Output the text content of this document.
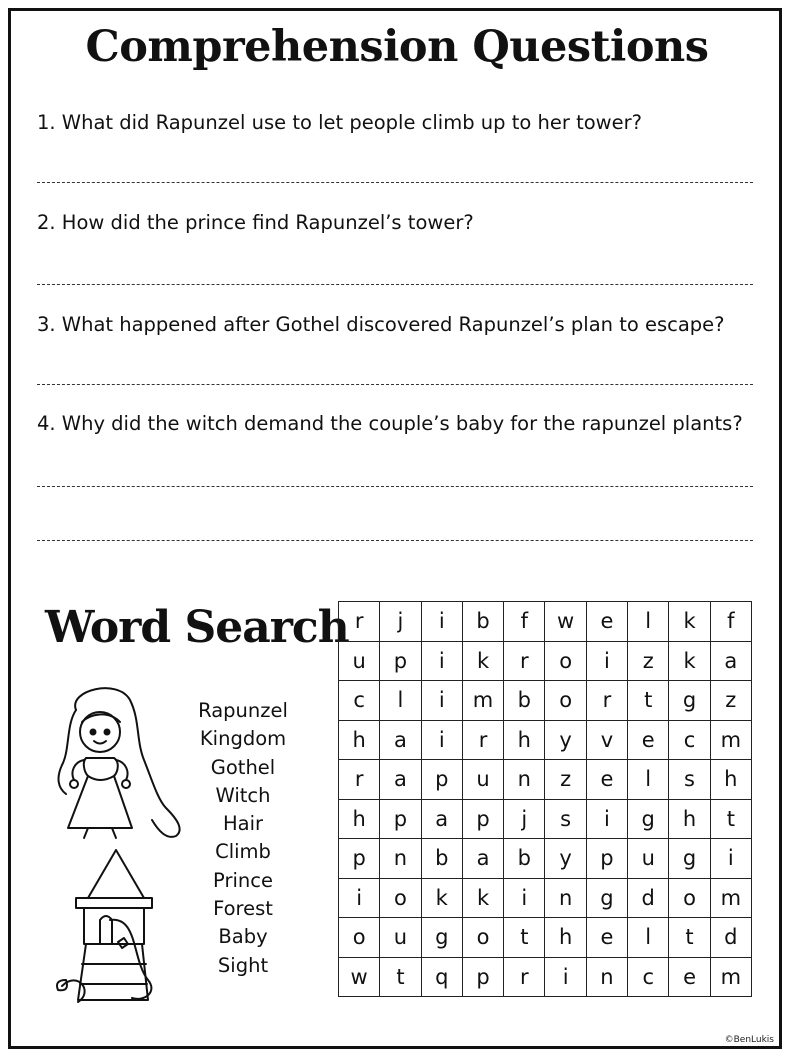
Comprehension Questions
1. What did Rapunzel use to let people climb up to her tower?
2. How did the prince find Rapunzel’s tower?
3. What happened after Gothel discovered Rapunzel’s plan to escape?
4. Why did the witch demand the couple’s baby for the rapunzel plants?
Word Search
Rapunzel
Kingdom
Gothel
Witch
Hair
Climb
Prince
Forest
Baby
Sight
r	j	i	b	f	w	e	l	k	f
u	p	i	k	r	o	i	z	k	a
c	l	i	m	b	o	r	t	g	z
h	a	i	r	h	y	v	e	c	m
r	a	p	u	n	z	e	l	s	h
h	p	a	p	j	s	i	g	h	t
p	n	b	a	b	y	p	u	g	i
i	o	k	k	i	n	g	d	o	m
o	u	g	o	t	h	e	l	t	d
w	t	q	p	r	i	n	c	e	m
©BenLukis
